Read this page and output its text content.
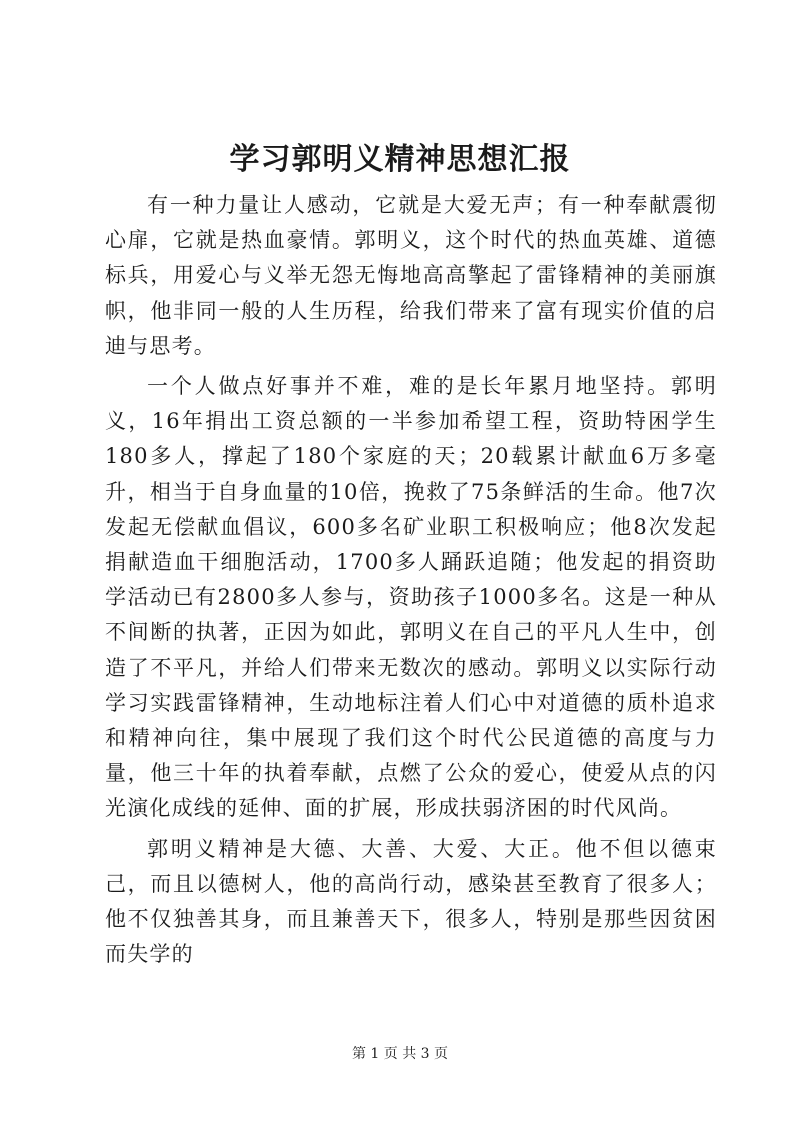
学习郭明义精神思想汇报

有一种力量让人感动，它就是大爱无声；有一种奉献震彻心扉，它就是热血豪情。郭明义，这个时代的热血英雄、道德标兵，用爱心与义举无怨无悔地高高擎起了雷锋精神的美丽旗帜，他非同一般的人生历程，给我们带来了富有现实价值的启迪与思考。

一个人做点好事并不难，难的是长年累月地坚持。郭明义，16年捐出工资总额的一半参加希望工程，资助特困学生180多人，撑起了180个家庭的天；20载累计献血6万多毫升，相当于自身血量的10倍，挽救了75条鲜活的生命。他7次发起无偿献血倡议，600多名矿业职工积极响应；他8次发起捐献造血干细胞活动，1700多人踊跃追随；他发起的捐资助学活动已有2800多人参与，资助孩子1000多名。这是一种从不间断的执著，正因为如此，郭明义在自己的平凡人生中，创造了不平凡，并给人们带来无数次的感动。郭明义以实际行动学习实践雷锋精神，生动地标注着人们心中对道德的质朴追求和精神向往，集中展现了我们这个时代公民道德的高度与力量，他三十年的执着奉献，点燃了公众的爱心，使爱从点的闪光演化成线的延伸、面的扩展，形成扶弱济困的时代风尚。

郭明义精神是大德、大善、大爱、大正。他不但以德束己，而且以德树人，他的高尚行动，感染甚至教育了很多人；他不仅独善其身，而且兼善天下，很多人，特别是那些因贫困而失学的

第 1 页 共 3 页
